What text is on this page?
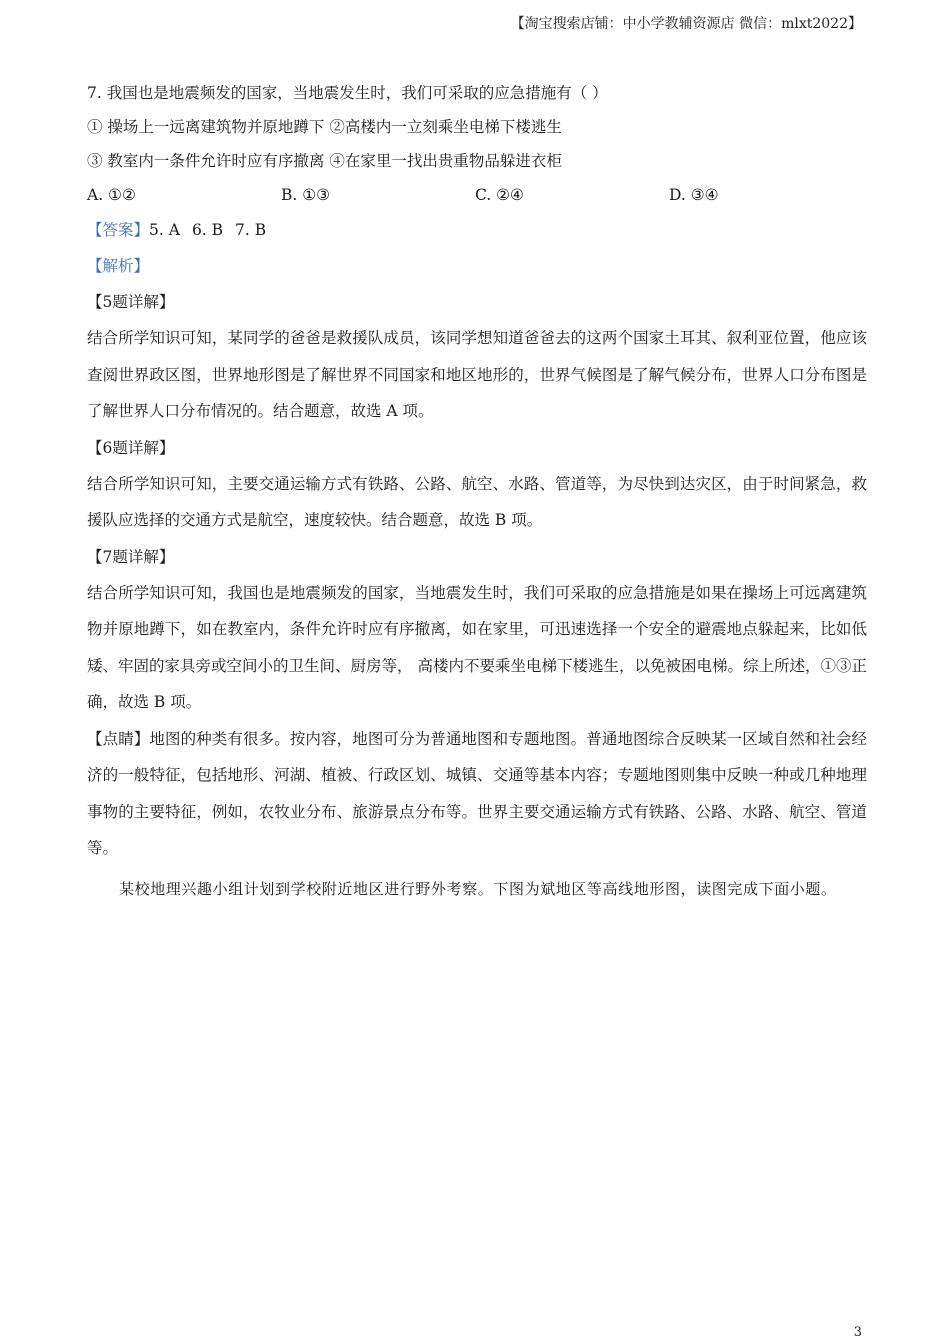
【淘宝搜索店铺：中小学教辅资源店 微信：mlxt2022】
7. 我国也是地震频发的国家，当地震发生时，我们可采取的应急措施有（ ）
① 操场上一远离建筑物并原地蹲下 ②高楼内一立刻乘坐电梯下楼逃生
③ 教室内一条件允许时应有序撤离 ④在家里一找出贵重物品躲进衣柜
A. ①②	B. ①③	C. ②④	D. ③④
【答案】5. A 6. B 7. B
【解析】
【5题详解】
结合所学知识可知，某同学的爸爸是救援队成员，该同学想知道爸爸去的这两个国家土耳其、叙利亚位置，他应该查阅世界政区图，世界地形图是了解世界不同国家和地区地形的，世界气候图是了解气候分布，世界人口分布图是了解世界人口分布情况的。结合题意，故选 A 项。
【6题详解】
结合所学知识可知，主要交通运输方式有铁路、公路、航空、水路、管道等，为尽快到达灾区，由于时间紧急，救援队应选择的交通方式是航空，速度较快。结合题意，故选 B 项。
【7题详解】
结合所学知识可知，我国也是地震频发的国家，当地震发生时，我们可采取的应急措施是如果在操场上可远离建筑物并原地蹲下，如在教室内，条件允许时应有序撤离，如在家里，可迅速选择一个安全的避震地点躲起来，比如低矮、牢固的家具旁或空间小的卫生间、厨房等， 高楼内不要乘坐电梯下楼逃生，以免被困电梯。综上所述，①③正确，故选 B 项。
【点睛】地图的种类有很多。按内容，地图可分为普通地图和专题地图。普通地图综合反映某一区域自然和社会经济的一般特征，包括地形、河湖、植被、行政区划、城镇、交通等基本内容；专题地图则集中反映一种或几种地理事物的主要特征，例如，农牧业分布、旅游景点分布等。世界主要交通运输方式有铁路、公路、水路、航空、管道等。
某校地理兴趣小组计划到学校附近地区进行野外考察。下图为斌地区等高线地形图，读图完成下面小题。
3
